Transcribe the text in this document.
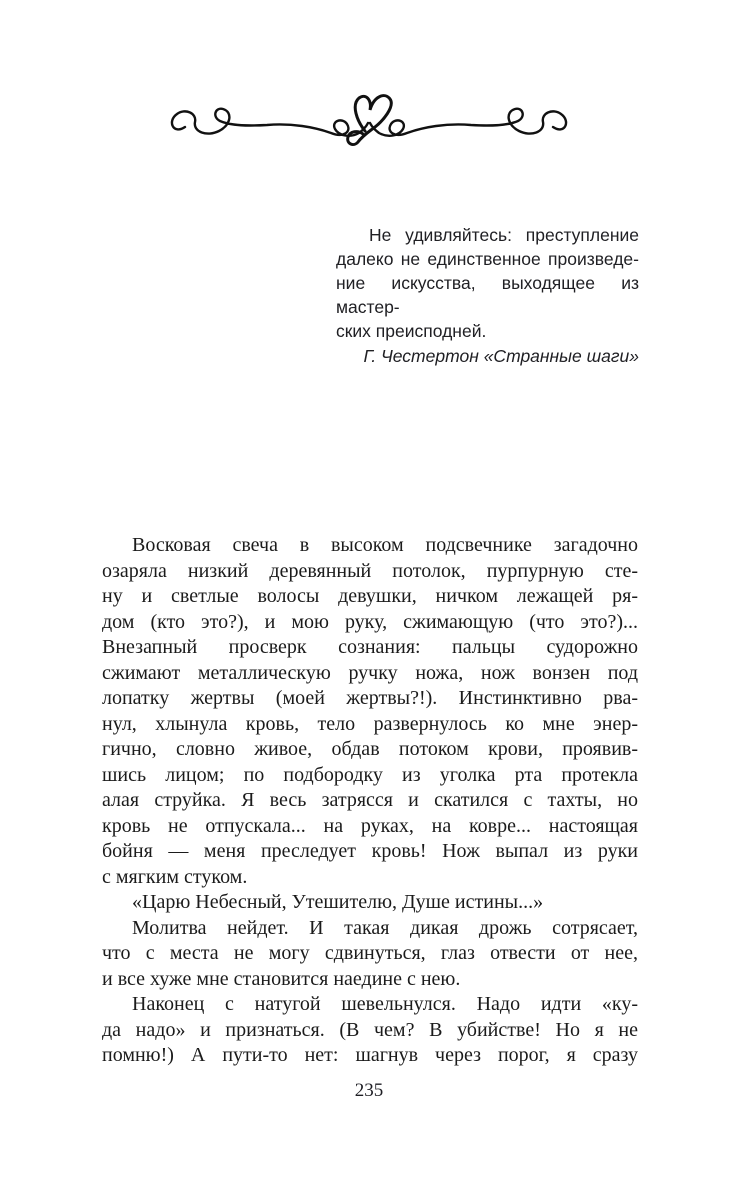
Не удивляйтесь: преступление
далеко не единственное произведе-
ние искусства, выходящее из мастер-
ских преисподней.
Г. Честертон «Странные шаги»
Восковая свеча в высоком подсвечнике загадочно
озаряла низкий деревянный потолок, пурпурную сте-
ну и светлые волосы девушки, ничком лежащей ря-
дом (кто это?), и мою руку, сжимающую (что это?)...
Внезапный просверк сознания: пальцы судорожно
сжимают металлическую ручку ножа, нож вонзен под
лопатку жертвы (моей жертвы?!). Инстинктивно рва-
нул, хлынула кровь, тело развернулось ко мне энер-
гично, словно живое, обдав потоком крови, проявив-
шись лицом; по подбородку из уголка рта протекла
алая струйка. Я весь затрясся и скатился с тахты, но
кровь не отпускала... на руках, на ковре... настоящая
бойня — меня преследует кровь! Нож выпал из руки
с мягким стуком.
«Царю Небесный, Утешителю, Душе истины...»
Молитва нейдет. И такая дикая дрожь сотрясает,
что с места не могу сдвинуться, глаз отвести от нее,
и все хуже мне становится наедине с нею.
Наконец с натугой шевельнулся. Надо идти «ку-
да надо» и признаться. (В чем? В убийстве! Но я не
помню!) А пути-то нет: шагнув через порог, я сразу
235
